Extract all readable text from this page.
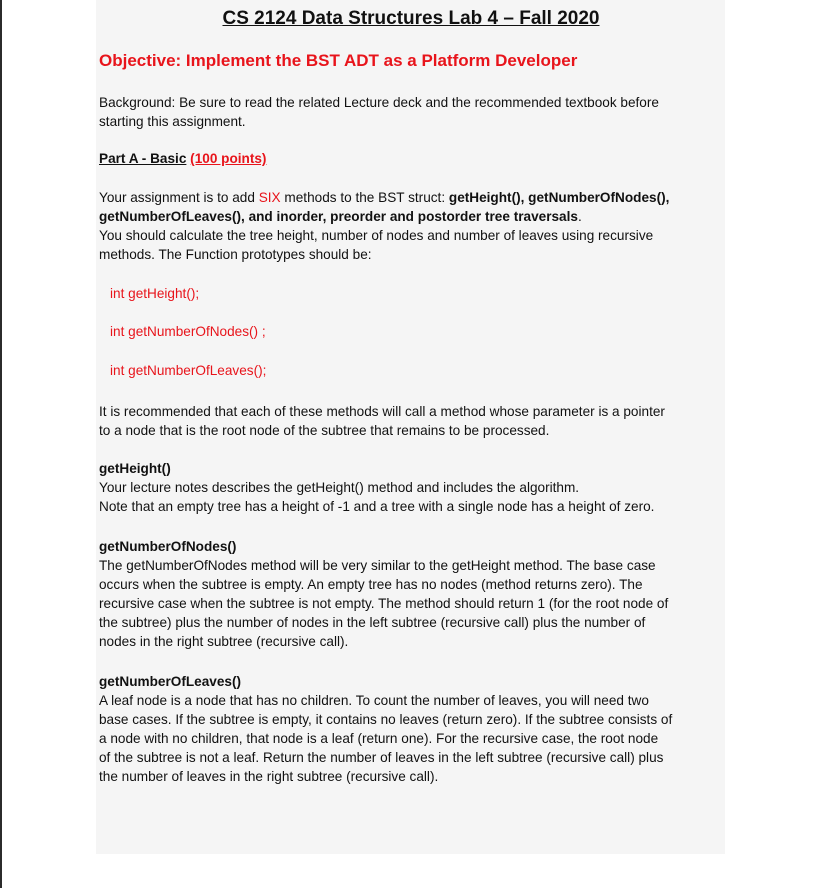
CS 2124 Data Structures Lab 4 – Fall 2020

Objective: Implement the BST ADT as a Platform Developer

Background: Be sure to read the related Lecture deck and the recommended textbook before

starting this assignment.

Part A - Basic (100 points)

Your assignment is to add SIX methods to the BST struct: getHeight(), getNumberOfNodes(),

getNumberOfLeaves(), and inorder, preorder and postorder tree traversals.

You should calculate the tree height, number of nodes and number of leaves using recursive

methods. The Function prototypes should be:

int getHeight();

int getNumberOfNodes() ;

int getNumberOfLeaves();

It is recommended that each of these methods will call a method whose parameter is a pointer

to a node that is the root node of the subtree that remains to be processed.

getHeight()

Your lecture notes describes the getHeight() method and includes the algorithm.

Note that an empty tree has a height of -1 and a tree with a single node has a height of zero.

getNumberOfNodes()

The getNumberOfNodes method will be very similar to the getHeight method. The base case

occurs when the subtree is empty. An empty tree has no nodes (method returns zero). The

recursive case when the subtree is not empty. The method should return 1 (for the root node of

the subtree) plus the number of nodes in the left subtree (recursive call) plus the number of

nodes in the right subtree (recursive call).

getNumberOfLeaves()

A leaf node is a node that has no children. To count the number of leaves, you will need two

base cases. If the subtree is empty, it contains no leaves (return zero). If the subtree consists of

a node with no children, that node is a leaf (return one). For the recursive case, the root node

of the subtree is not a leaf. Return the number of leaves in the left subtree (recursive call) plus

the number of leaves in the right subtree (recursive call).
